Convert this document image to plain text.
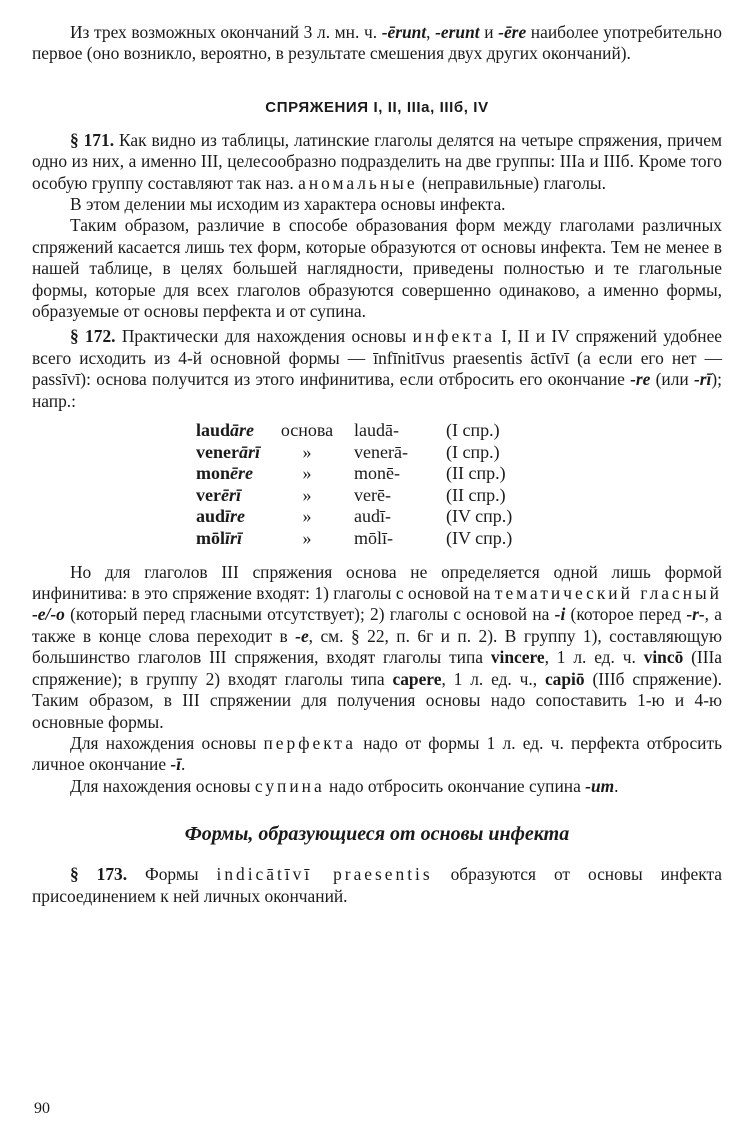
Из трех возможных окончаний 3 л. мн. ч. -ērunt, -erunt и -ēre наиболее употребительно первое (оно возникло, вероятно, в результате смешения двух других окончаний).

СПРЯЖЕНИЯ I, II, IIIa, IIIб, IV

§ 171. Как видно из таблицы, латинские глаголы делятся на четыре спряжения, причем одно из них, а именно III, целесообразно подразделить на две группы: IIIа и IIIб. Кроме того особую группу составляют так наз. аномальные (неправильные) глаголы.

В этом делении мы исходим из характера основы инфекта.

Таким образом, различие в способе образования форм между глаголами различных спряжений касается лишь тех форм, которые образуются от основы инфекта. Тем не менее в нашей таблице, в целях большей наглядности, приведены полностью и те глагольные формы, которые для всех глаголов образуются совершенно одинаково, а именно формы, образуемые от основы перфекта и от супина.

§ 172. Практически для нахождения основы инфекта I, II и IV спряжений удобнее всего исходить из 4-й основной формы — īnfīnitīvus praesentis āctīvī (а если его нет — passīvī): основа получится из этого инфинитива, если отбросить его окончание -re (или -rī); напр.:

laudāre	основа	laudā-	(I спр.)
venerārī	»	venerā-	(I спр.)
monēre	»	monē-	(II спр.)
verērī	»	verē-	(II спр.)
audīre	»	audī-	(IV спр.)
mōlīrī	»	mōlī-	(IV спр.)

Но для глаголов III спряжения основа не определяется одной лишь формой инфинитива: в это спряжение входят: 1) глаголы с основой на тематический гласный -e/-o (который перед гласными отсутствует); 2) глаголы с основой на -i (которое перед -r-, а также в конце слова переходит в -e, см. § 22, п. 6г и п. 2). В группу 1), составляющую большинство глаголов III спряжения, входят глаголы типа vincere, 1 л. ед. ч. vincō (IIIа спряжение); в группу 2) входят глаголы типа capere, 1 л. ед. ч., capiō (IIIб спряжение). Таким образом, в III спряжении для получения основы надо сопоставить 1-ю и 4-ю основные формы.

Для нахождения основы перфекта надо от формы 1 л. ед. ч. перфекта отбросить личное окончание -ī.

Для нахождения основы супина надо отбросить окончание супина -um.

Формы, образующиеся от основы инфекта

§ 173. Формы indicātīvī praesentis образуются от основы инфекта присоединением к ней личных окончаний.

90
